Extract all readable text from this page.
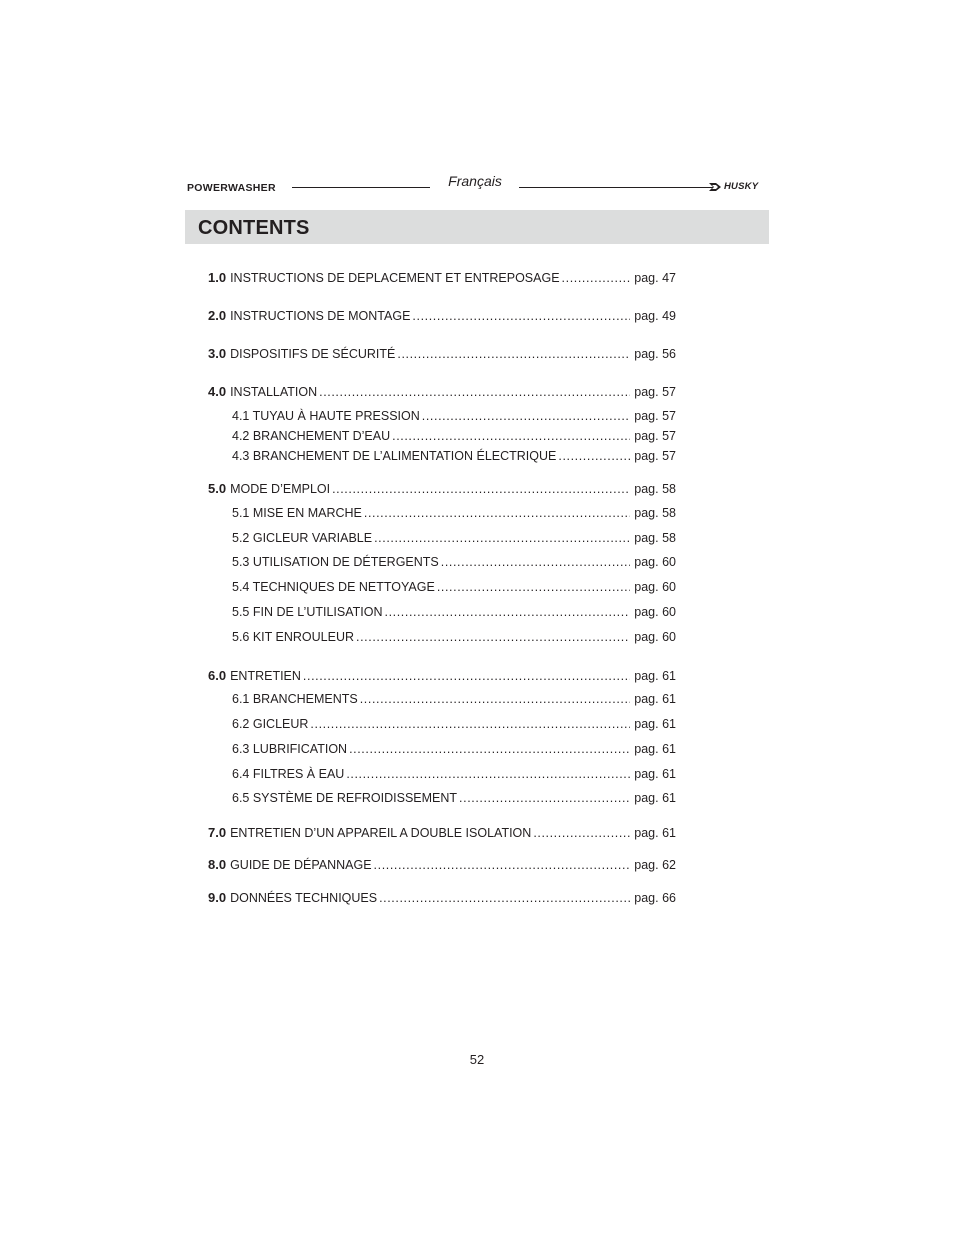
POWERWASHER	Français	HUSKY
CONTENTS
1.0 INSTRUCTIONS DE DEPLACEMENT ET ENTREPOSAGE .....	pag. 47
2.0 INSTRUCTIONS DE MONTAGE .....	pag. 49
3.0 DISPOSITIFS DE SÉCURITÉ .....	pag. 56
4.0 INSTALLATION .....	pag. 57
4.1 TUYAU À HAUTE PRESSION .....	pag. 57
4.2 BRANCHEMENT D’EAU .....	pag. 57
4.3 BRANCHEMENT DE L’ALIMENTATION ÉLECTRIQUE .....	pag. 57
5.0 MODE D’EMPLOI .....	pag. 58
5.1 MISE EN MARCHE .....	pag. 58
5.2 GICLEUR VARIABLE .....	pag. 58
5.3 UTILISATION DE DÉTERGENTS .....	pag. 60
5.4 TECHNIQUES DE NETTOYAGE .....	pag. 60
5.5 FIN DE L’UTILISATION .....	pag. 60
5.6 KIT ENROULEUR .....	pag. 60
6.0 ENTRETIEN .....	pag. 61
6.1 BRANCHEMENTS .....	pag. 61
6.2 GICLEUR .....	pag. 61
6.3 LUBRIFICATION .....	pag. 61
6.4 FILTRES À EAU .....	pag. 61
6.5 SYSTÈME DE REFROIDISSEMENT .....	pag. 61
7.0 ENTRETIEN D’UN APPAREIL A DOUBLE ISOLATION .....	pag. 61
8.0 GUIDE DE DÉPANNAGE .....	pag. 62
9.0 DONNÉES TECHNIQUES .....	pag. 66
52
